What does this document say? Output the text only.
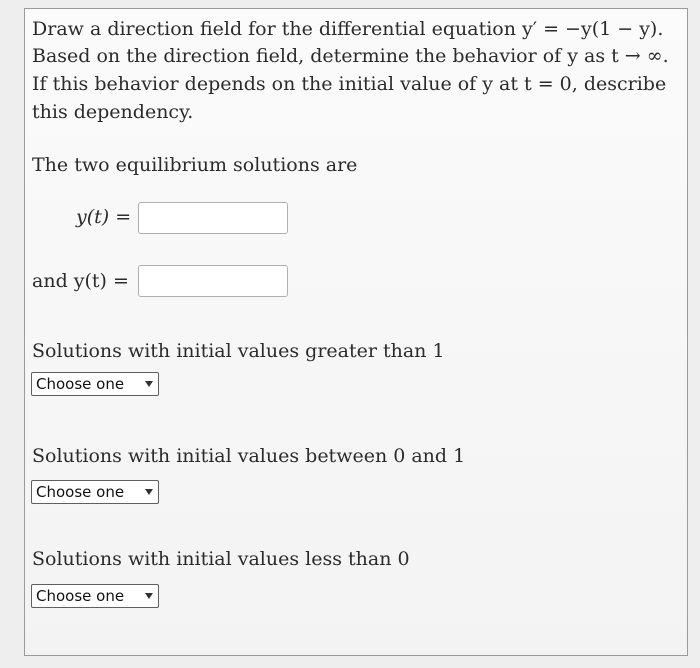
Draw a direction field for the differential equation y′ = −y(1 − y).
Based on the direction field, determine the behavior of y as t → ∞.
If this behavior depends on the initial value of y at t = 0, describe
this dependency.
The two equilibrium solutions are
y(t) =
and y(t) =
Solutions with initial values greater than 1
Choose one
Solutions with initial values between 0 and 1
Choose one
Solutions with initial values less than 0
Choose one
